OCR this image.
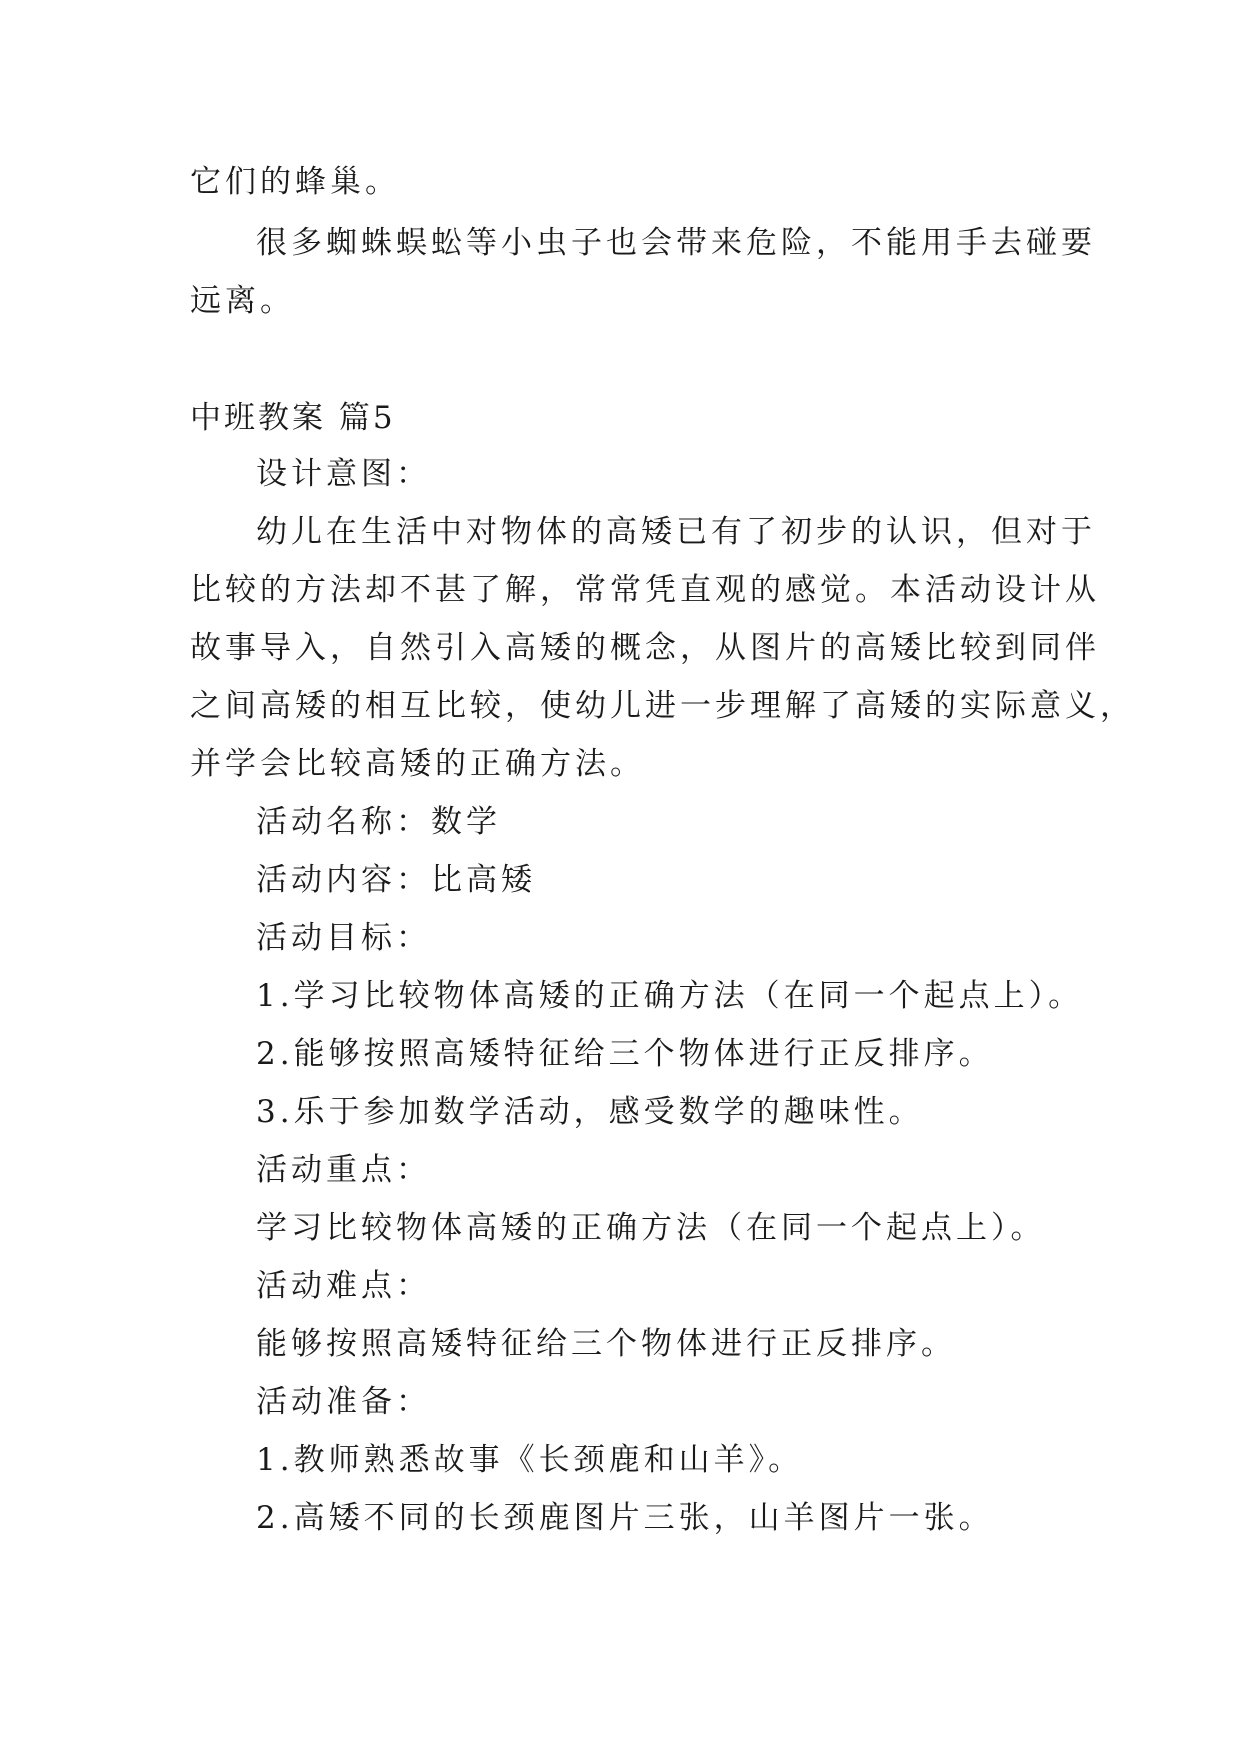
它们的蜂巢。

很多蜘蛛蜈蚣等小虫子也会带来危险，不能用手去碰要

远离。

中班教案 篇5

设计意图：

幼儿在生活中对物体的高矮已有了初步的认识，但对于

比较的方法却不甚了解，常常凭直观的感觉。本活动设计从

故事导入，自然引入高矮的概念，从图片的高矮比较到同伴

之间高矮的相互比较，使幼儿进一步理解了高矮的实际意义，

并学会比较高矮的正确方法。

活动名称：数学

活动内容：比高矮

活动目标：

1.学习比较物体高矮的正确方法（在同一个起点上）。

2.能够按照高矮特征给三个物体进行正反排序。

3.乐于参加数学活动，感受数学的趣味性。

活动重点：

学习比较物体高矮的正确方法（在同一个起点上）。

活动难点：

能够按照高矮特征给三个物体进行正反排序。

活动准备：

1.教师熟悉故事《长颈鹿和山羊》。

2.高矮不同的长颈鹿图片三张，山羊图片一张。
